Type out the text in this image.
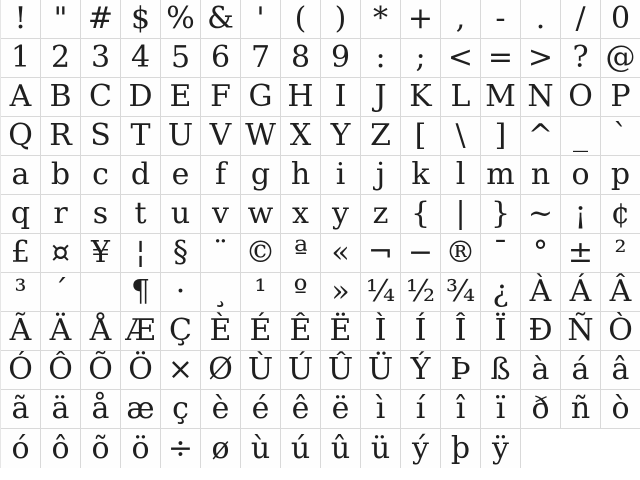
! " # $ % & ' ( ) * + , - . / 0
1 2 3 4 5 6 7 8 9 : ; < = > ? @
A B C D E F G H I J K L M N O P
Q R S T U V W X Y Z [ \ ] ^ _ `
a b c d e f g h i j k l m n o p
q r s t u v w x y z { | } ~ ¡ ¢
£ ¤ ¥ ¦ § ¨ © ª « ¬ − ® ¯ ° ± ²
³ ´ ¶ · ¸ ¹ º » ¼ ½ ¾ ¿ À Á Â
Ã Ä Å Æ Ç È É Ê Ë Ì Í Î Ï Ð Ñ Ò
Ó Ô Õ Ö × Ø Ù Ú Û Ü Ý Þ ß à á â
ã ä å æ ç è é ê ë ì í î ï ð ñ ò
ó ô õ ö ÷ ø ù ú û ü ý þ ÿ
